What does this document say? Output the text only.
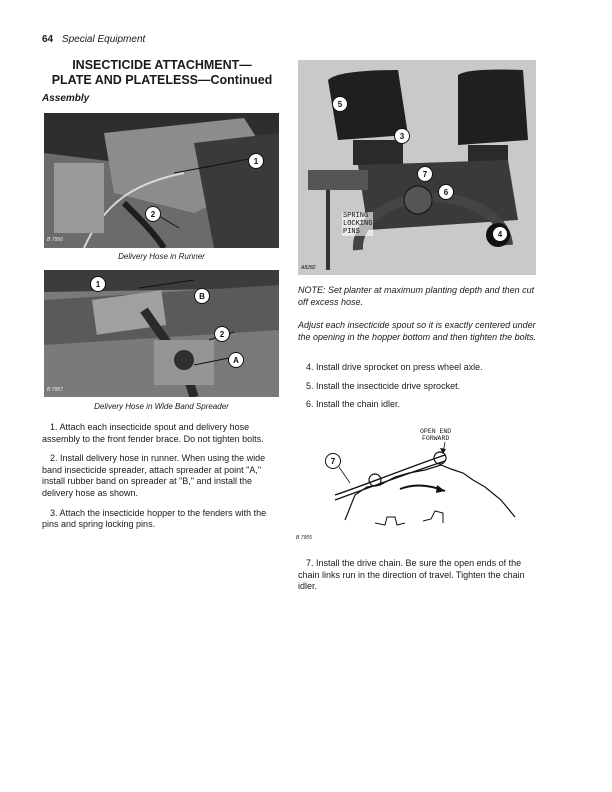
64 Special Equipment
INSECTICIDE ATTACHMENT—
PLATE AND PLATELESS—Continued
Assembly
1
2
B 7956
Delivery Hose in Runner
1
B
2
A
B 7957
Delivery Hose in Wide Band Spreader

1. Attach each insecticide spout and delivery hose assembly to the front fender brace. Do not tighten bolts.

2. Install delivery hose in runner. When using the wide band insecticide spreader, attach spreader at point "A," install rubber band on spreader at "B," and install the delivery hose as shown.

3. Attach the insecticide hopper to the fenders with the pins and spring locking pins.

5
3
7
6
4
SPRING
LOCKING
PINS
A8282
NOTE: Set planter at maximum planting depth and then cut off excess hose.
Adjust each insecticide spout so it is exactly centered under the opening in the hopper bottom and then tighten the bolts.

4. Install drive sprocket on press wheel axle.

5. Install the insecticide drive sprocket.

6. Install the chain idler.

7
OPEN END
FORWARD
B 7955
7. Install the drive chain. Be sure the open ends of the chain links run in the direction of travel. Tighten the chain idler.
